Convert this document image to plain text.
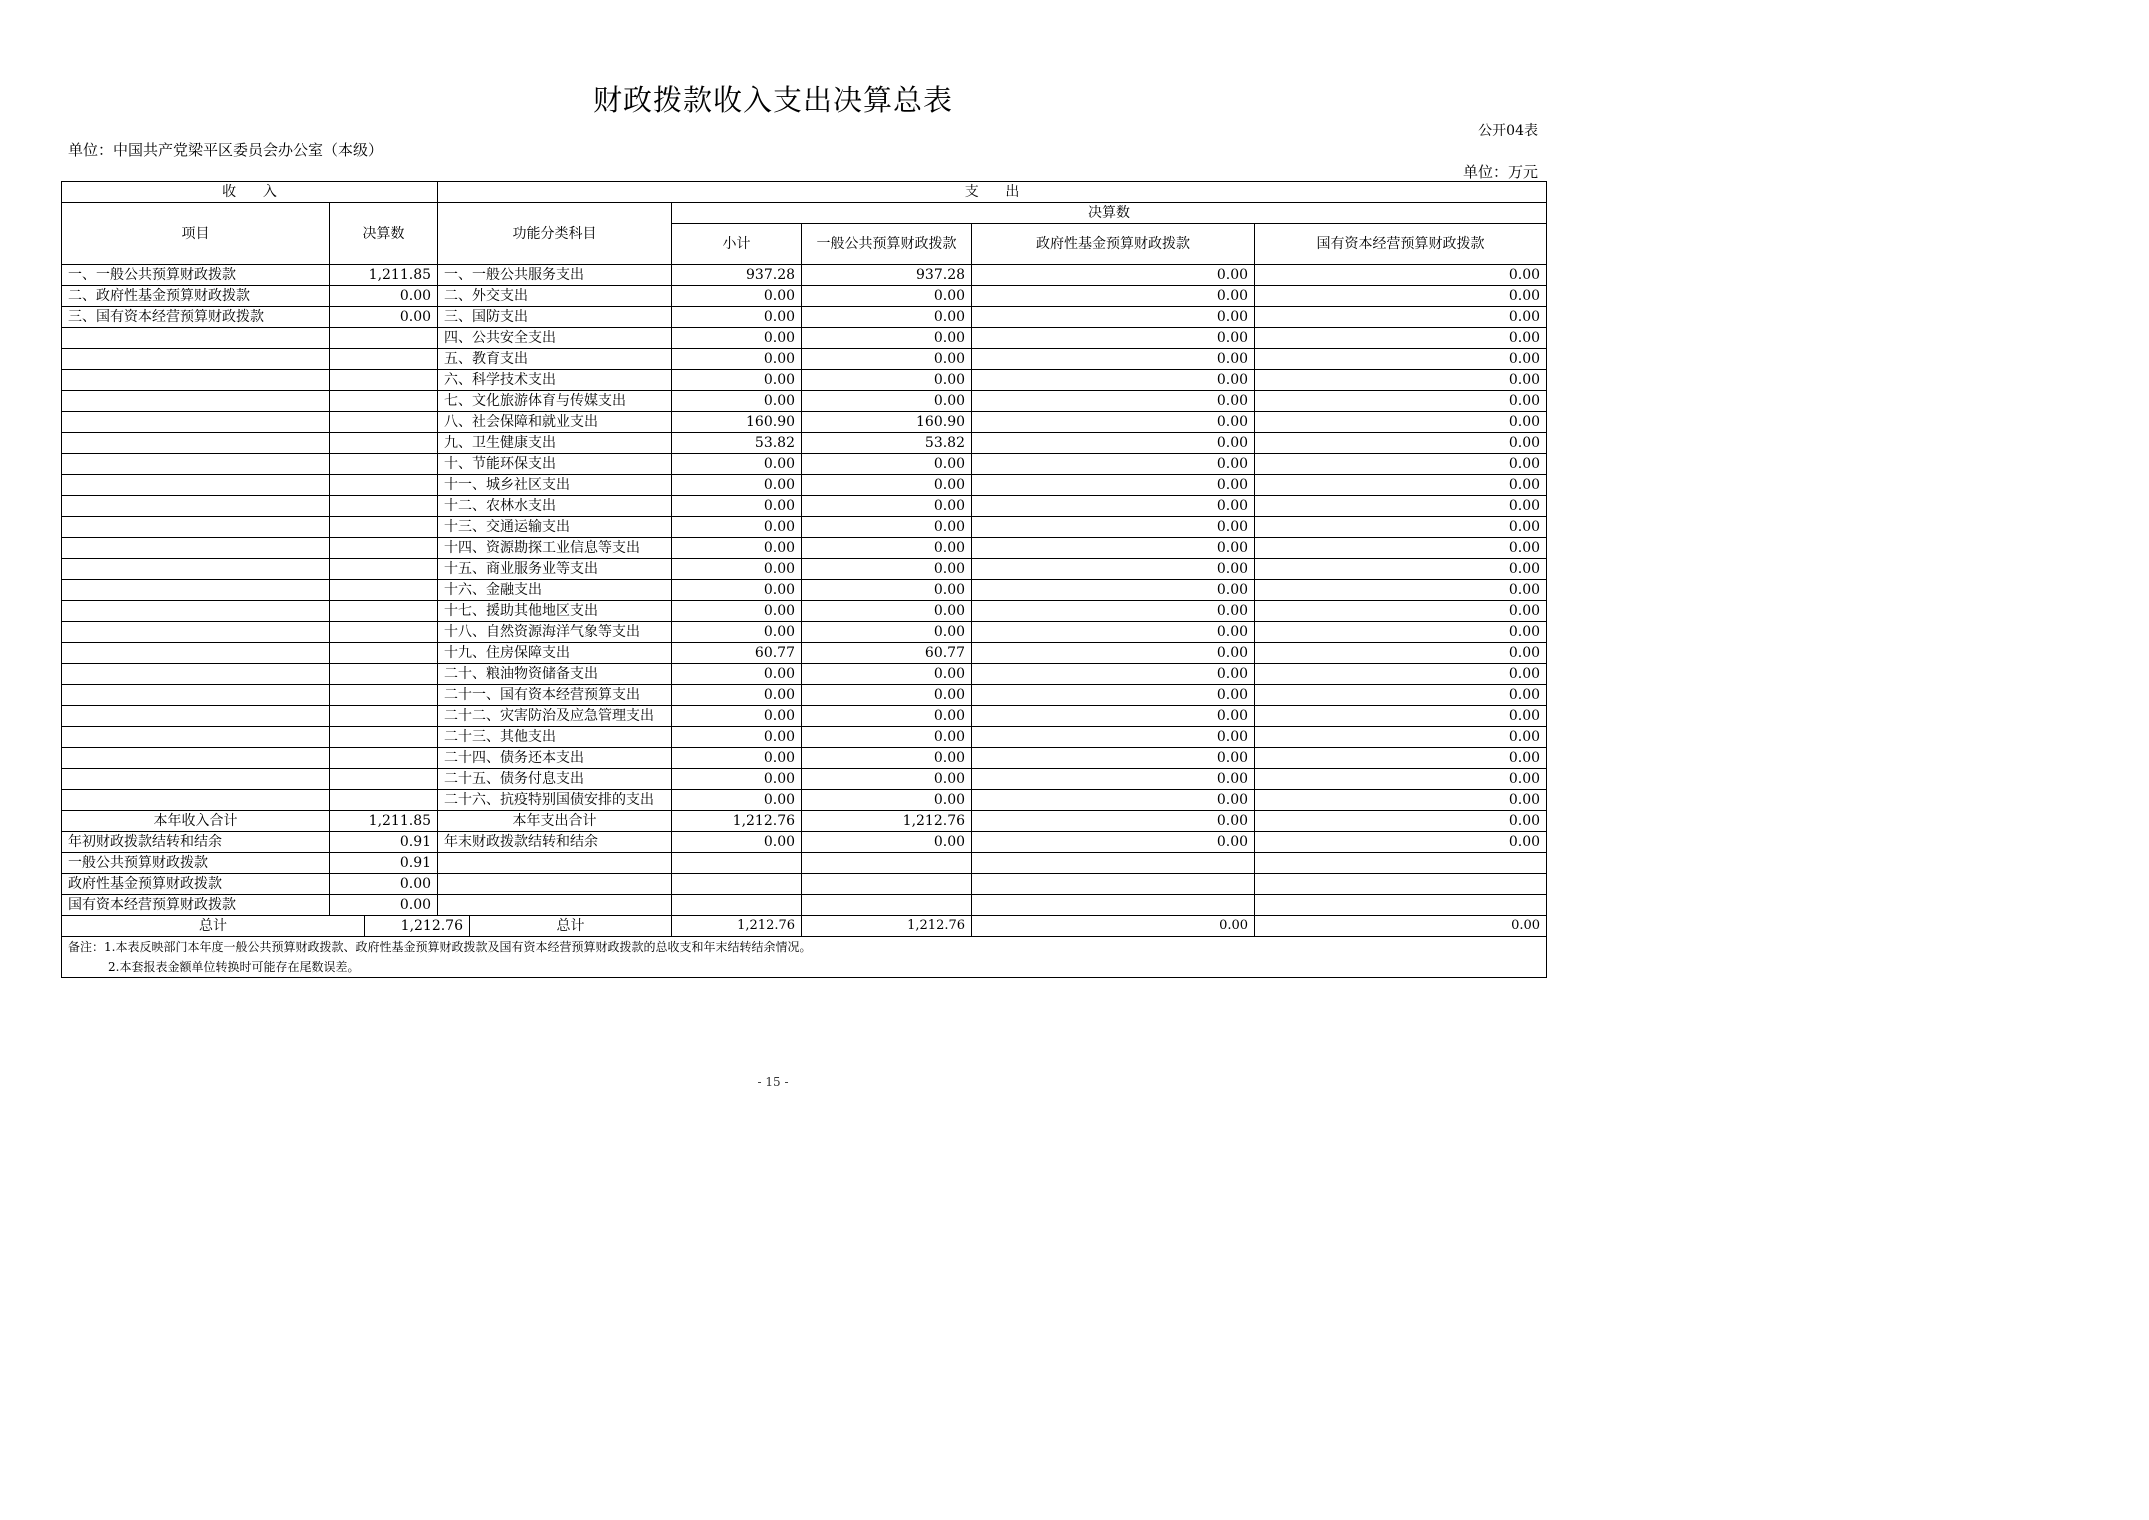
财政拨款收入支出决算总表
公开04表
单位：中国共产党梁平区委员会办公室（本级）
单位：万元
收      入		支      出				
项目	决算数	功能分类科目	决算数			
			小计	一般公共预算财政拨款	政府性基金预算财政拨款	国有资本经营预算财政拨款
一、一般公共预算财政拨款	1,211.85	一、一般公共服务支出	937.28	937.28	0.00	0.00
二、政府性基金预算财政拨款	0.00	二、外交支出	0.00	0.00	0.00	0.00
三、国有资本经营预算财政拨款	0.00	三、国防支出	0.00	0.00	0.00	0.00
		四、公共安全支出	0.00	0.00	0.00	0.00
		五、教育支出	0.00	0.00	0.00	0.00
		六、科学技术支出	0.00	0.00	0.00	0.00
		七、文化旅游体育与传媒支出	0.00	0.00	0.00	0.00
		八、社会保障和就业支出	160.90	160.90	0.00	0.00
		九、卫生健康支出	53.82	53.82	0.00	0.00
		十、节能环保支出	0.00	0.00	0.00	0.00
		十一、城乡社区支出	0.00	0.00	0.00	0.00
		十二、农林水支出	0.00	0.00	0.00	0.00
		十三、交通运输支出	0.00	0.00	0.00	0.00
		十四、资源勘探工业信息等支出	0.00	0.00	0.00	0.00
		十五、商业服务业等支出	0.00	0.00	0.00	0.00
		十六、金融支出	0.00	0.00	0.00	0.00
		十七、援助其他地区支出	0.00	0.00	0.00	0.00
		十八、自然资源海洋气象等支出	0.00	0.00	0.00	0.00
		十九、住房保障支出	60.77	60.77	0.00	0.00
		二十、粮油物资储备支出	0.00	0.00	0.00	0.00
		二十一、国有资本经营预算支出	0.00	0.00	0.00	0.00
		二十二、灾害防治及应急管理支出	0.00	0.00	0.00	0.00
		二十三、其他支出	0.00	0.00	0.00	0.00
		二十四、债务还本支出	0.00	0.00	0.00	0.00
		二十五、债务付息支出	0.00	0.00	0.00	0.00
		二十六、抗疫特别国债安排的支出	0.00	0.00	0.00	0.00
本年收入合计	1,211.85	本年支出合计	1,212.76	1,212.76	0.00	0.00
年初财政拨款结转和结余	0.91	年末财政拨款结转和结余	0.00	0.00	0.00	0.00
一般公共预算财政拨款	0.91					
政府性基金预算财政拨款	0.00					
国有资本经营预算财政拨款	0.00					

总计 1,212.76 总计			1,212.76	1,212.76	0.00	0.00

备注：1.本表反映部门本年度一般公共预算财政拨款、政府性基金预算财政拨款及国有资本经营预算财政拨款的总收支和年末结转结余情况。
2.本套报表金额单位转换时可能存在尾数误差。						
- 15 -
